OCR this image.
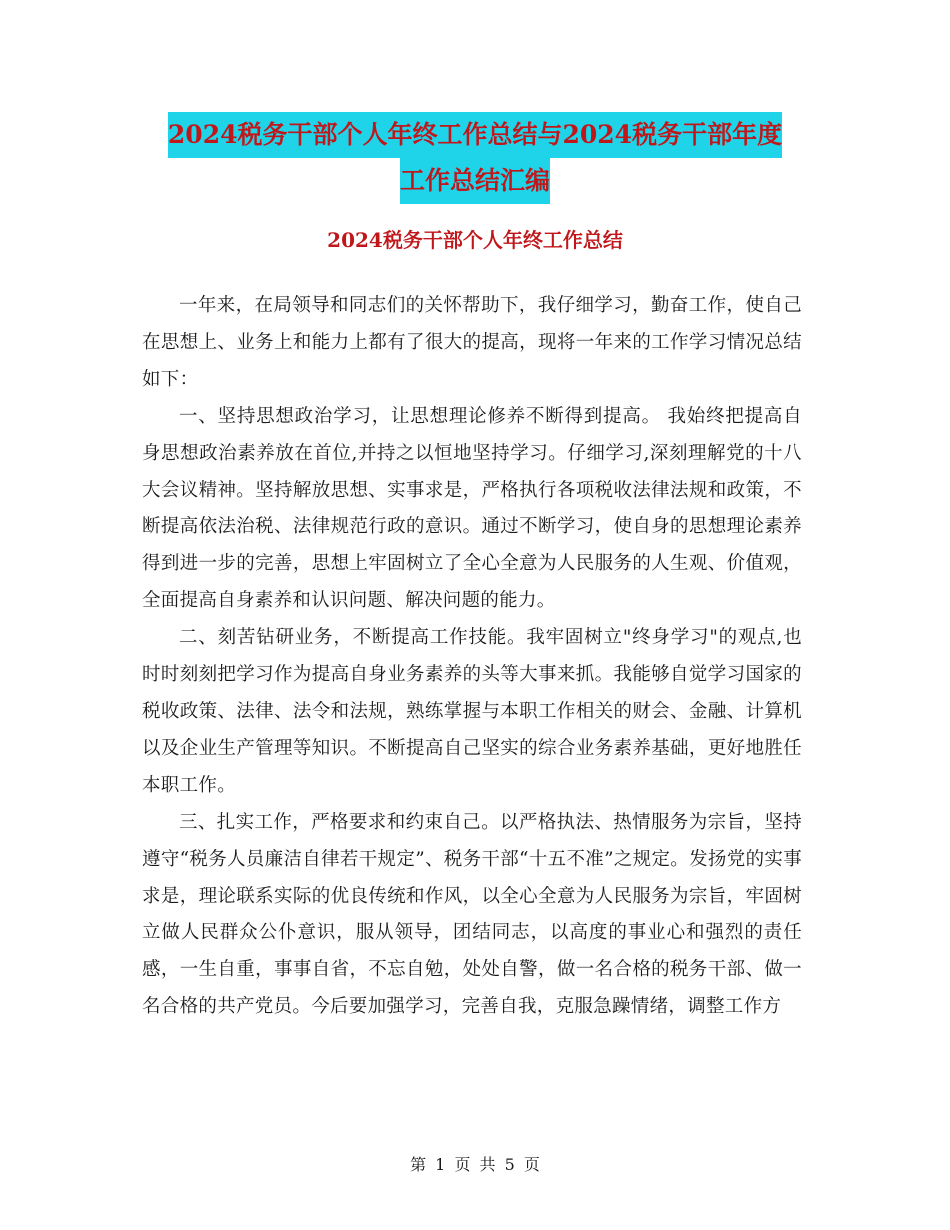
2024税务干部个人年终工作总结与2024税务干部年度
工作总结汇编
2024税务干部个人年终工作总结

一年来，在局领导和同志们的关怀帮助下，我仔细学习，勤奋工作，使自己在思想上、业务上和能力上都有了很大的提高，现将一年来的工作学习情况总结如下：

一、坚持思想政治学习，让思想理论修养不断得到提高。 我始终把提高自身思想政治素养放在首位,并持之以恒地坚持学习。仔细学习,深刻理解党的十八大会议精神。坚持解放思想、实事求是，严格执行各项税收法律法规和政策，不断提高依法治税、法律规范行政的意识。通过不断学习，使自身的思想理论素养得到进一步的完善，思想上牢固树立了全心全意为人民服务的人生观、价值观，全面提高自身素养和认识问题、解决问题的能力。

二、刻苦钻研业务，不断提高工作技能。我牢固树立"终身学习"的观点,也时时刻刻把学习作为提高自身业务素养的头等大事来抓。我能够自觉学习国家的税收政策、法律、法令和法规，熟练掌握与本职工作相关的财会、金融、计算机以及企业生产管理等知识。不断提高自己坚实的综合业务素养基础，更好地胜任本职工作。

三、扎实工作，严格要求和约束自己。以严格执法、热情服务为宗旨，坚持遵守“税务人员廉洁自律若干规定”、税务干部“十五不准”之规定。发扬党的实事求是，理论联系实际的优良传统和作风，以全心全意为人民服务为宗旨，牢固树立做人民群众公仆意识，服从领导，团结同志，以高度的事业心和强烈的责任感，一生自重，事事自省，不忘自勉，处处自警，做一名合格的税务干部、做一名合格的共产党员。今后要加强学习，完善自我，克服急躁情绪，调整工作方

第 1 页 共 5 页
